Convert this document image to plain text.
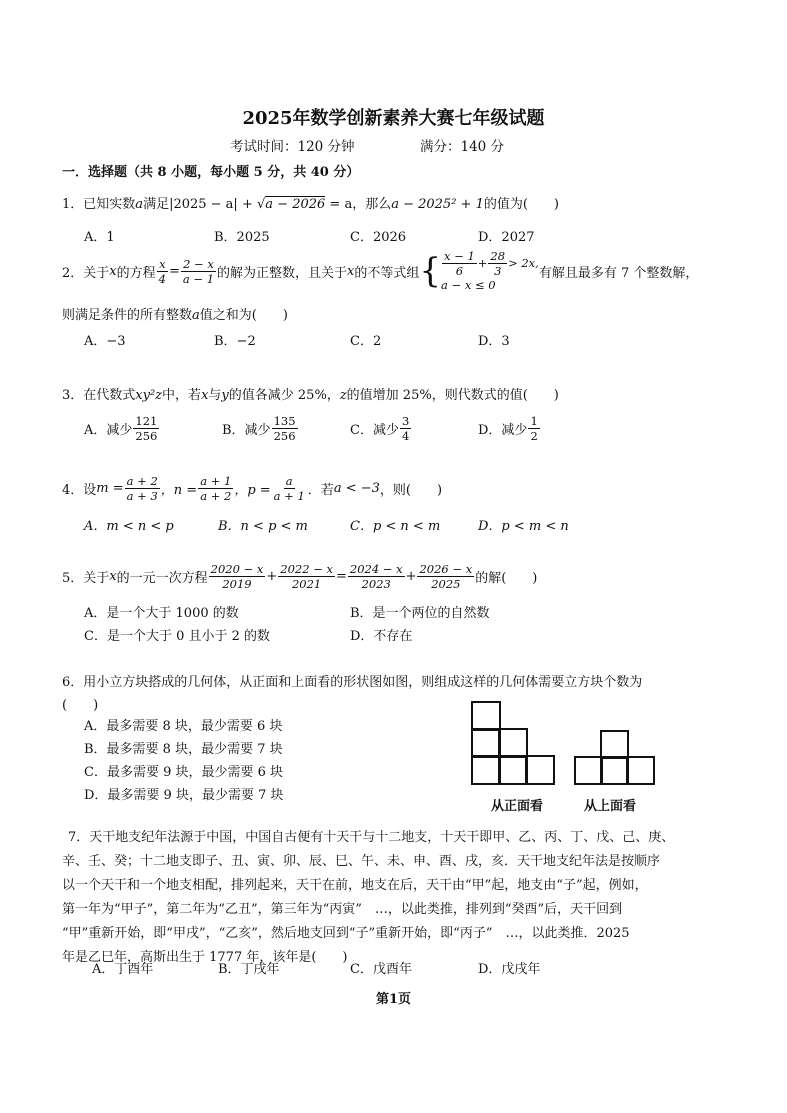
2025年数学创新素养大赛七年级试题
考试时间：120 分钟	满分：140 分
一．选择题（共 8 小题，每小题 5 分，共 40 分）
1．已知实数a满足|2025 − a| + √a − 2026 = a，那么a − 2025² + 1的值为(　　)
A．1	B．2025	C．2026	D．2027
2． 关于 x 的方程 $\frac{x}{4} = \frac{2 - x}{a - 1}$ 的解为正整数，且关于 x 的不等式组 { $\frac{x - 1}{6} + \frac{28}{3} > 2x$,
a − x ≤ 0
有解且最多有 7 个整数解，
则满足条件的所有整数a值之和为(　　)
A．−3	B．−2	C．2	D．3
3．在代数式xy²z中，若x与y的值各减少 25%，z的值增加 25%，则代数式的值(　　)
A．减少 $\frac{121}{256}$	B．减少 $\frac{135}{256}$	C．减少 $\frac{3}{4}$	D．减少 $\frac{1}{2}$
4． 设 $m = \frac{a + 2}{a + 3}$ ，$n = \frac{a + 1}{a + 2}$ ，$p = \frac{a}{a + 1}$ ．若 a < −3 ，则(　　)
A．m < n < p	B．n < p < m	C．p < n < m	D．p < m < n
5． 关于 x 的一元一次方程 $\frac{2020 - x}{2019} + \frac{2022 - x}{2021} = \frac{2024 - x}{2023} + \frac{2026 - x}{2025}$ 的解(　　)
A．是一个大于 1000 的数	B．是一个两位的自然数
C．是一个大于 0 且小于 2 的数	D．不存在
6．用小立方块搭成的几何体，从正面和上面看的形状图如图，则组成这样的几何体需要立方块个数为
(　　)
A．最多需要 8 块，最少需要 6 块
B．最多需要 8 块，最少需要 7 块
C．最多需要 9 块，最少需要 6 块
D．最多需要 9 块，最少需要 7 块
从正面看	从上面看
7．天干地支纪年法源于中国，中国自古便有十天干与十二地支，十天干即甲、乙、丙、丁、戊、己、庚、
辛、壬、癸；十二地支即子、丑、寅、卯、辰、巳、午、未、申、酉、戌，亥．天干地支纪年法是按顺序
以一个天干和一个地支相配，排列起来，天干在前，地支在后，天干由“甲”起，地支由“子”起，例如，
第一年为“甲子”，第二年为“乙丑”，第三年为“丙寅”　…，以此类推，排列到“癸酉”后，天干回到
“甲”重新开始，即“甲戌”，“乙亥”，然后地支回到“子”重新开始，即“丙子”　…，以此类推．2025
年是乙巳年，高斯出生于 1777 年，该年是(　　)
A．丁酉年	B．丁戌年	C．戊酉年	D．戊戌年
第1页
